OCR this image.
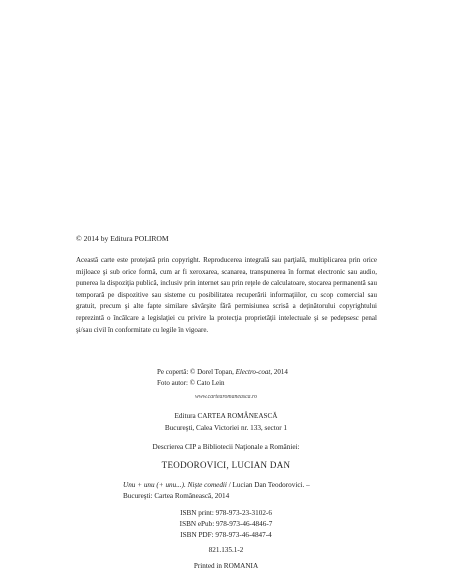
© 2014 by Editura POLIROM
Această carte este protejată prin copyright. Reproducerea integrală sau parţială, multiplicarea prin orice mijloace şi sub orice formă, cum ar fi xeroxarea, scanarea, transpunerea în format electronic sau audio, punerea la dispoziţia publică, inclusiv prin internet sau prin reţele de calculatoare, stocarea permanentă sau temporară pe dispozitive sau sisteme cu posibilitatea recuperării informaţiilor, cu scop comercial sau gratuit, precum şi alte fapte similare săvârşite fără permisiunea scrisă a deţinătorului copyrightului reprezintă o încălcare a legislaţiei cu privire la protecţia proprietăţii intelectuale şi se pedepsesc penal şi/sau civil în conformitate cu legile în vigoare.
Pe copertă: © Dorel Topan, Electro-coat, 2014
Foto autor: © Cato Lein
www.cartearomaneasca.ro
Editura CARTEA ROMÂNEASCĂ
Bucureşti, Calea Victoriei nr. 133, sector 1
Descrierea CIP a Bibliotecii Naţionale a României:
TEODOROVICI, LUCIAN DAN
Unu + unu (+ unu...). Niște comedii / Lucian Dan Teodorovici. – Bucureşti: Cartea Românească, 2014
ISBN print: 978-973-23-3102-6
ISBN ePub: 978-973-46-4846-7
ISBN PDF: 978-973-46-4847-4
821.135.1-2
Printed in ROMANIA
